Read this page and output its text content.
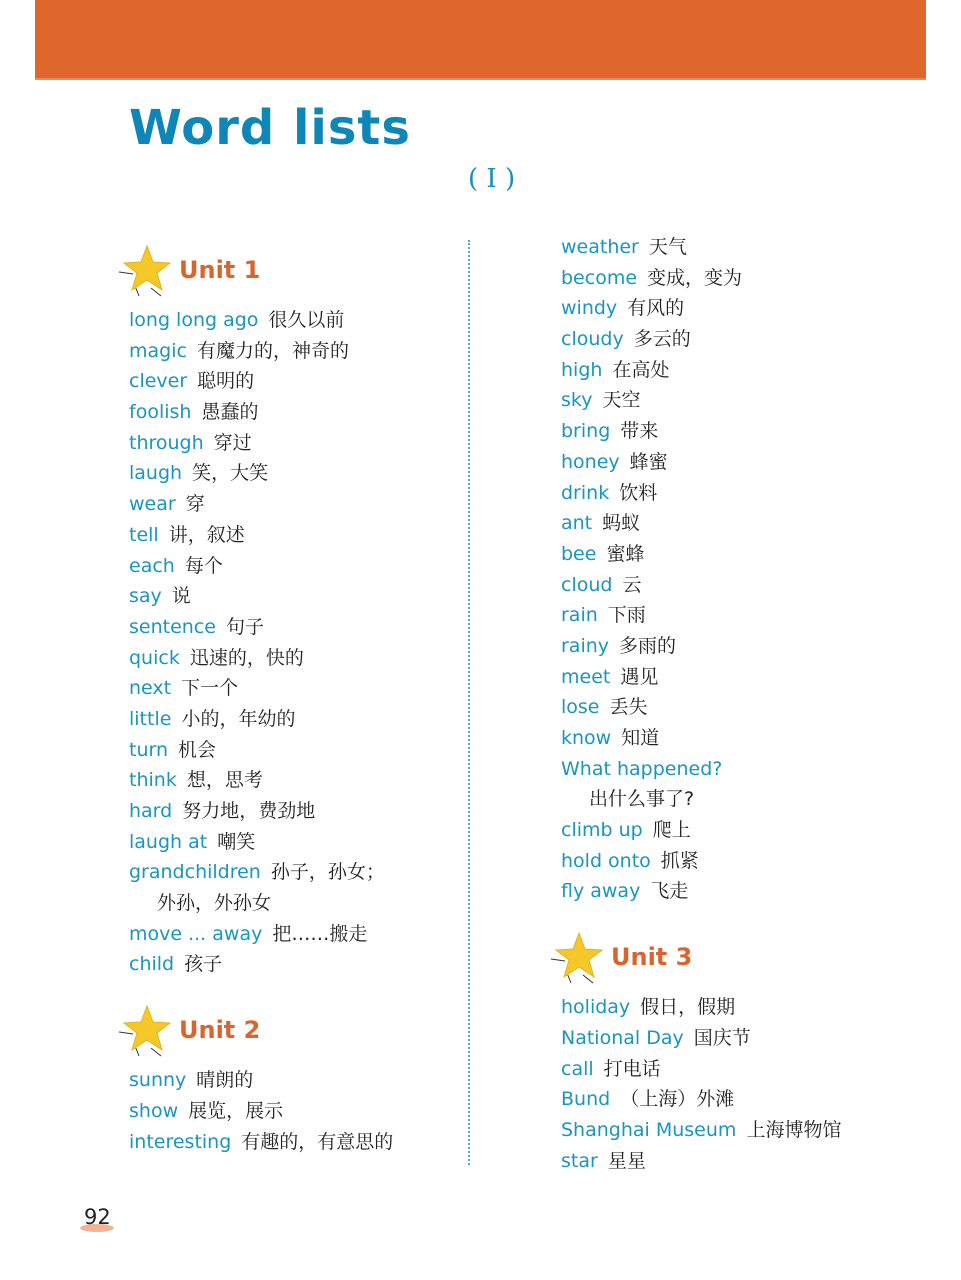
Word lists
( I )
Unit 1
long long ago 很久以前
magic 有魔力的，神奇的
clever 聪明的
foolish 愚蠢的
through 穿过
laugh 笑，大笑
wear 穿
tell 讲，叙述
each 每个
say 说
sentence 句子
quick 迅速的，快的
next 下一个
little 小的，年幼的
turn 机会
think 想，思考
hard 努力地，费劲地
laugh at 嘲笑
grandchildren 孙子，孙女；
外孙，外孙女
move ... away 把……搬走
child 孩子
Unit 2
sunny 晴朗的
show 展览，展示
interesting 有趣的，有意思的
weather 天气
become 变成，变为
windy 有风的
cloudy 多云的
high 在高处
sky 天空
bring 带来
honey 蜂蜜
drink 饮料
ant 蚂蚁
bee 蜜蜂
cloud 云
rain 下雨
rainy 多雨的
meet 遇见
lose 丢失
know 知道
What happened?
出什么事了?
climb up 爬上
hold onto 抓紧
fly away 飞走
Unit 3
holiday 假日，假期
National Day 国庆节
call 打电话
Bund （上海）外滩
Shanghai Museum 上海博物馆
star 星星
92
